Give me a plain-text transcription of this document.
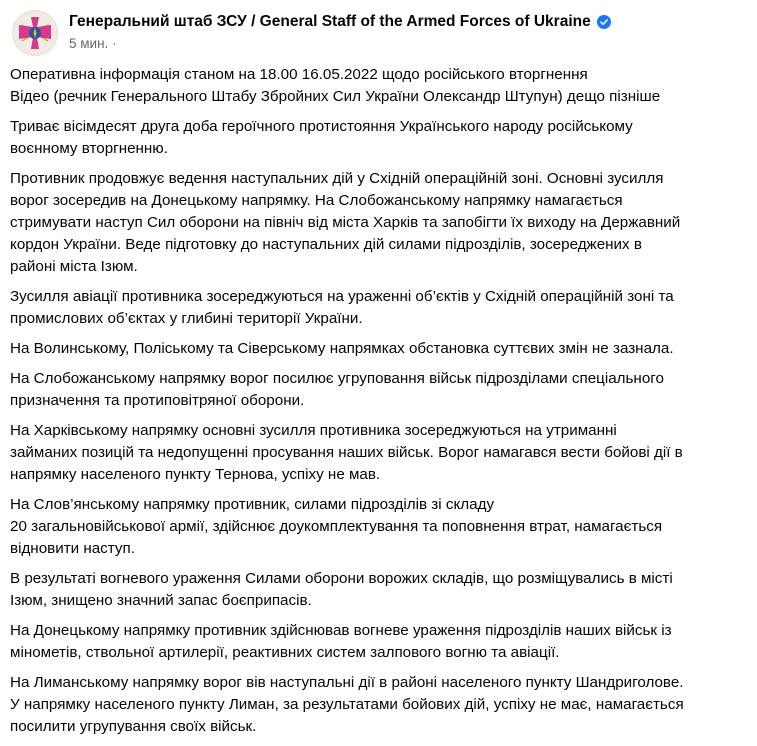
Генеральний штаб ЗСУ / General Staff of the Armed Forces of Ukraine
5 мин. ·

Оперативна інформація станом на 18.00 16.05.2022 щодо російського вторгнення
Відео (речник Генерального Штабу Збройних Сил України Олександр Штупун) дещо пізніше

Триває вісімдесят друга доба героїчного протистояння Українського народу російському
воєнному вторгненню.

Противник продовжує ведення наступальних дій у Східній операційній зоні. Основні зусилля
ворог зосередив на Донецькому напрямку. На Слобожанському напрямку намагається
стримувати наступ Сил оборони на північ від міста Харків та запобігти їх виходу на Державний
кордон України. Веде підготовку до наступальних дій силами підрозділів, зосереджених в
районі міста Ізюм.

Зусилля авіації противника зосереджуються на ураженні об’єктів у Східній операційній зоні та
промислових об’єктах у глибині території України.

На Волинському, Поліському та Сіверському напрямках обстановка суттєвих змін не зазнала.

На Слобожанському напрямку ворог посилює угруповання військ підрозділами спеціального
призначення та протиповітряної оборони.

На Харківському напрямку основні зусилля противника зосереджуються на утриманні
займаних позицій та недопущенні просування наших військ. Ворог намагався вести бойові дії в
напрямку населеного пункту Тернова, успіху не мав.

На Слов’янському напрямку противник, силами підрозділів зі складу
20 загальновійськової армії, здійснює доукомплектування та поповнення втрат, намагається
відновити наступ.

В результаті вогневого ураження Силами оборони ворожих складів, що розміщувались в місті
Ізюм, знищено значний запас боєприпасів.

На Донецькому напрямку противник здійснював вогневе ураження підрозділів наших військ із
мінометів, ствольної артилерії, реактивних систем залпового вогню та авіації.

На Лиманському напрямку ворог вів наступальні дії в районі населеного пункту Шандриголове.
У напрямку населеного пункту Лиман, за результатами бойових дій, успіху не має, намагається
посилити угрупування своїх військ.
